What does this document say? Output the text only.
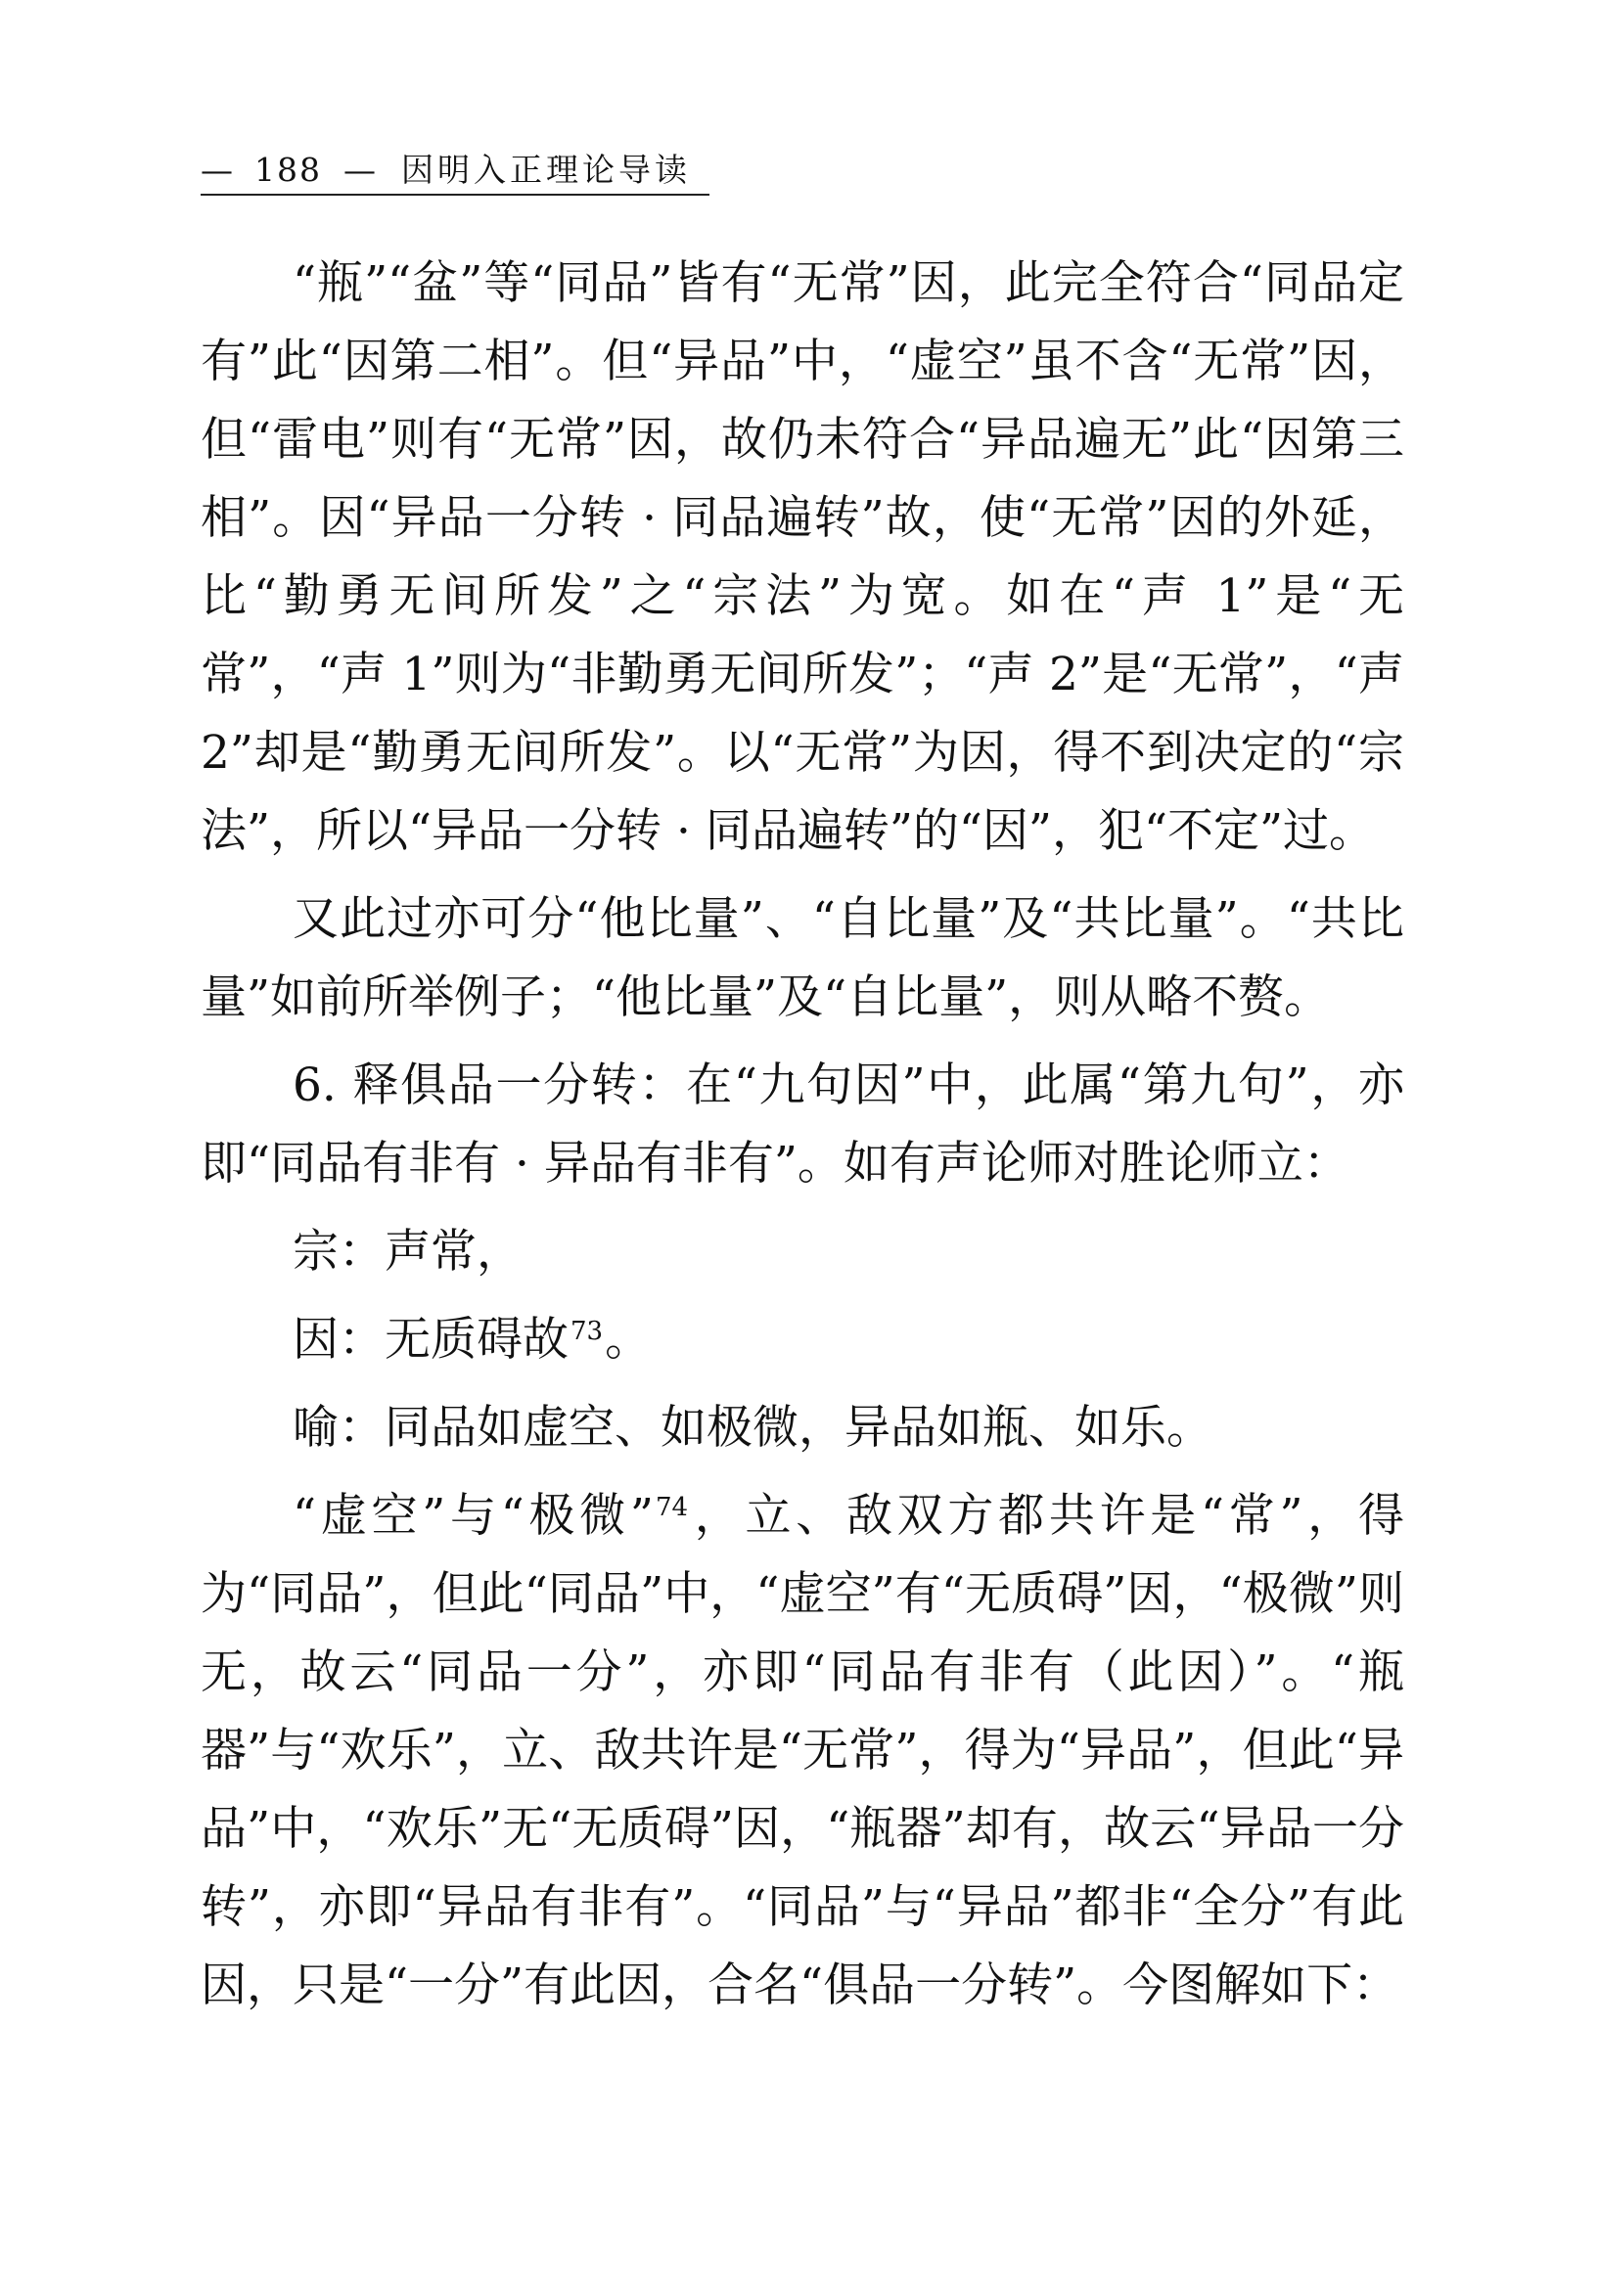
— 188 — 因明入正理论导读

“瓶”“盆”等“同品”皆有“无常”因，此完全符合“同品定有”此“因第二相”。但“异品”中，“虚空”虽不含“无常”因，但“雷电”则有“无常”因，故仍未符合“异品遍无”此“因第三相”。因“异品一分转 · 同品遍转”故，使“无常”因的外延，比“勤勇无间所发”之“宗法”为宽。如在“声 1”是“无常”，“声 1”则为“非勤勇无间所发”；“声 2”是“无常”，“声 2”却是“勤勇无间所发”。以“无常”为因，得不到决定的“宗法”，所以“异品一分转 · 同品遍转”的“因”，犯“不定”过。

又此过亦可分“他比量”、“自比量”及“共比量”。“共比量”如前所举例子；“他比量”及“自比量”，则从略不赘。

6. 释俱品一分转：在“九句因”中，此属“第九句”，亦即“同品有非有 · 异品有非有”。如有声论师对胜论师立：

宗：声常，

因：无质碍故$^{73}$。

喻：同品如虚空、如极微，异品如瓶、如乐。

“虚空”与“极微”$^{74}$，立、敌双方都共许是“常”，得为“同品”，但此“同品”中，“虚空”有“无质碍”因，“极微”则无，故云“同品一分”，亦即“同品有非有（此因）”。“瓶器”与“欢乐”，立、敌共许是“无常”，得为“异品”，但此“异品”中，“欢乐”无“无质碍”因，“瓶器”却有，故云“异品一分转”，亦即“异品有非有”。“同品”与“异品”都非“全分”有此因，只是“一分”有此因，合名“俱品一分转”。今图解如下：
